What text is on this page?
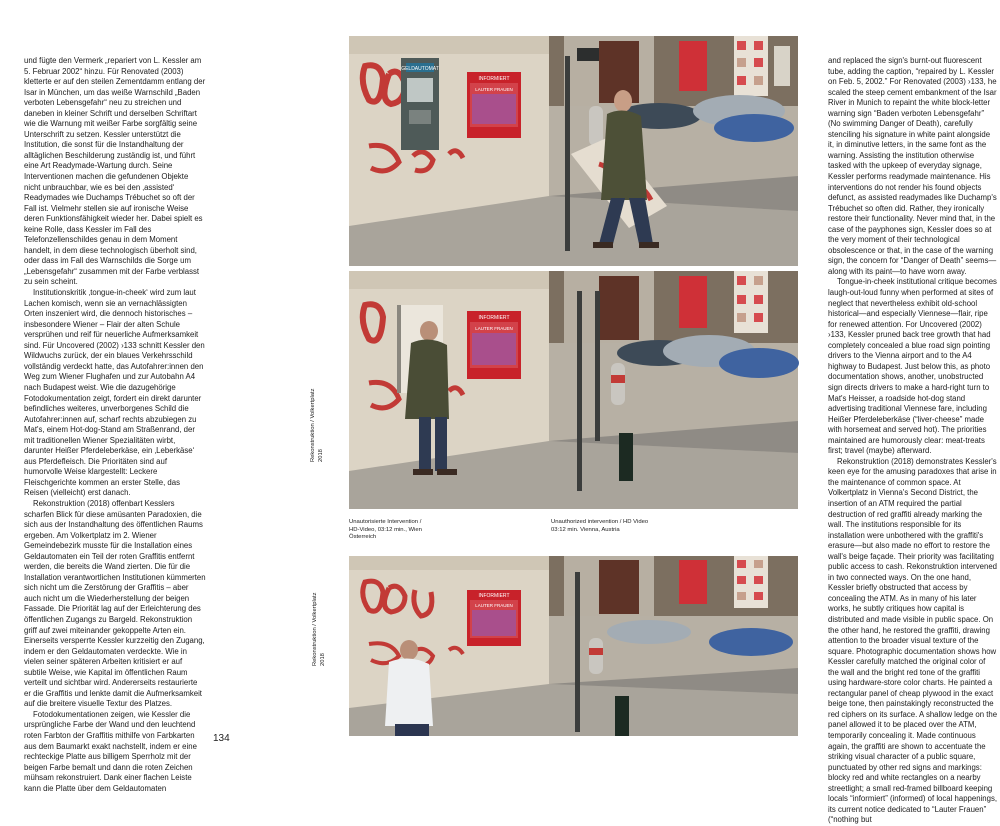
und fügte den Vermerk „repariert von L. Kessler am 5. Februar 2002“ hinzu. Für Renovated (2003) kletterte er auf den steilen Zementdamm entlang der Isar in München, um das weiße Warnschild „Baden verboten Lebensgefahr“ neu zu streichen und daneben in kleiner Schrift und derselben Schriftart wie die Warnung mit weißer Farbe sorgfältig seine Unterschrift zu setzen. Kessler unterstützt die Institution, die sonst für die Instandhaltung der alltäglichen Beschilderung zuständig ist, und führt eine Art Readymade-Wartung durch. Seine Interventionen machen die gefundenen Objekte nicht unbrauchbar, wie es bei den ‚assisted‘ Readymades wie Duchamps Trébuchet so oft der Fall ist. Vielmehr stellen sie auf ironische Weise deren Funktionsfähigkeit wieder her. Dabei spielt es keine Rolle, dass Kessler im Fall des Telefonzellenschildes genau in dem Moment handelt, in dem diese technologisch überholt sind, oder dass im Fall des Warnschilds die Sorge um „Lebensgefahr“ zusammen mit der Farbe verblasst zu sein scheint.

Institutionskritik ‚tongue-in-cheek‘ wird zum laut Lachen komisch, wenn sie an vernachlässigten Orten inszeniert wird, die dennoch historisches – insbesondere Wiener – Flair der alten Schule versprühen und reif für neuerliche Aufmerksamkeit sind. Für Uncovered (2002) ›133 schnitt Kessler den Wildwuchs zurück, der ein blaues Verkehrsschild vollständig verdeckt hatte, das Autofahrer:innen den Weg zum Wiener Flughafen und zur Autobahn A4 nach Budapest weist. Wie die dazugehörige Fotodokumentation zeigt, fordert ein direkt darunter befindliches weiteres, unverborgenes Schild die Autofahrer:innen auf, scharf rechts abzubiegen zu Mat's, einem Hot-dog-Stand am Straßenrand, der mit traditionellen Wiener Spezialitäten wirbt, darunter Heißer Pferdeleberkäse, ein ‚Leberkäse‘ aus Pferdefleisch. Die Prioritäten sind auf humorvolle Weise klargestellt: Leckere Fleischgerichte kommen an erster Stelle, das Reisen (vielleicht) erst danach.

Rekonstruktion (2018) offenbart Kesslers scharfen Blick für diese amüsanten Paradoxien, die sich aus der Instandhaltung des öffentlichen Raums ergeben. Am Volkertplatz im 2. Wiener Gemeindebezirk musste für die Installation eines Geldautomaten ein Teil der roten Graffitis entfernt werden, die bereits die Wand zierten. Die für die Installation verantwortlichen Institutionen kümmerten sich nicht um die Zerstörung der Graffitis – aber auch nicht um die Wiederherstellung der beigen Fassade. Die Priorität lag auf der Erleichterung des öffentlichen Zugangs zu Bargeld. Rekonstruktion griff auf zwei miteinander gekoppelte Arten ein. Einerseits versperrte Kessler kurzzeitig den Zugang, indem er den Geldautomaten verdeckte. Wie in vielen seiner späteren Arbeiten kritisiert er auf subtile Weise, wie Kapital im öffentlichen Raum verteilt und sichtbar wird. Andererseits restaurierte er die Graffitis und lenkte damit die Aufmerksamkeit auf die breitere visuelle Textur des Platzes.

Fotodokumentationen zeigen, wie Kessler die ursprüngliche Farbe der Wand und den leuchtend roten Farbton der Graffitis mithilfe von Farbkarten aus dem Baumarkt exakt nachstellt, indem er eine rechteckige Platte aus billigem Sperrholz mit der beigen Farbe bemalt und dann die roten Zeichen mühsam rekonstruiert. Dank einer flachen Leiste kann die Platte über dem Geldautomaten

134
Rekonstruktion / Volkertplatz 2018
Rekonstruktion / Volkertplatz 2018
Unautorisierte Intervention /
HD-Video, 03:12 min., Wien
Österreich
Unauthorized intervention / HD Video
03:12 min. Vienna, Austria
GELDAUTOMAT
INFORMIERT
LAUTER FRAUEN
INFORMIERT
LAUTER FRAUEN
INFORMIERT
LAUTER FRAUEN

and replaced the sign's burnt-out fluorescent tube, adding the caption, “repaired by L. Kessler on Feb. 5, 2002.” For Renovated (2003) ›133, he scaled the steep cement embankment of the Isar River in Munich to repaint the white block-letter warning sign “Baden verboten Lebensgefahr” (No swimming Danger of Death), carefully stenciling his signature in white paint alongside it, in diminutive letters, in the same font as the warning. Assisting the institution otherwise tasked with the upkeep of everyday signage, Kessler performs readymade maintenance. His interventions do not render his found objects defunct, as assisted readymades like Duchamp's Trébuchet so often did. Rather, they ironically restore their functionality. Never mind that, in the case of the payphones sign, Kessler does so at the very moment of their technological obsolescence or that, in the case of the warning sign, the concern for “Danger of Death” seems—along with its paint—to have worn away.

Tongue-in-cheek institutional critique becomes laugh-out-loud funny when performed at sites of neglect that nevertheless exhibit old-school historical—and especially Viennese—flair, ripe for renewed attention. For Uncovered (2002) ›133, Kessler pruned back tree growth that had completely concealed a blue road sign pointing drivers to the Vienna airport and to the A4 highway to Budapest. Just below this, as photo documentation shows, another, unobstructed sign directs drivers to make a hard-right turn to Mat's Heisser, a roadside hot-dog stand advertising traditional Viennese fare, including Heißer Pferdeleberkäse (“liver-cheese” made with horsemeat and served hot). The priorities maintained are humorously clear: meat-treats first; travel (maybe) afterward.

Rekonstruktion (2018) demonstrates Kessler's keen eye for the amusing paradoxes that arise in the maintenance of common space. At Volkertplatz in Vienna's Second District, the insertion of an ATM required the partial destruction of red graffiti already marking the wall. The institutions responsible for its installation were unbothered with the graffiti's erasure—but also made no effort to restore the wall's beige façade. Their priority was facilitating public access to cash. Rekonstruktion intervened in two connected ways. On the one hand, Kessler briefly obstructed that access by concealing the ATM. As in many of his later works, he subtly critiques how capital is distributed and made visible in public space. On the other hand, he restored the graffiti, drawing attention to the broader visual texture of the square. Photographic documentation shows how Kessler carefully matched the original color of the wall and the bright red tone of the graffiti using hardware-store color charts. He painted a rectangular panel of cheap plywood in the exact beige tone, then painstakingly reconstructed the red ciphers on its surface. A shallow ledge on the panel allowed it to be placed over the ATM, temporarily concealing it. Made continuous again, the graffiti are shown to accentuate the striking visual character of a public square, punctuated by other red signs and markings: blocky red and white rectangles on a nearby streetlight; a small red-framed billboard keeping locals “informiert” (informed) of local happenings, its current notice dedicated to “Lauter Frauen” (“nothing but
